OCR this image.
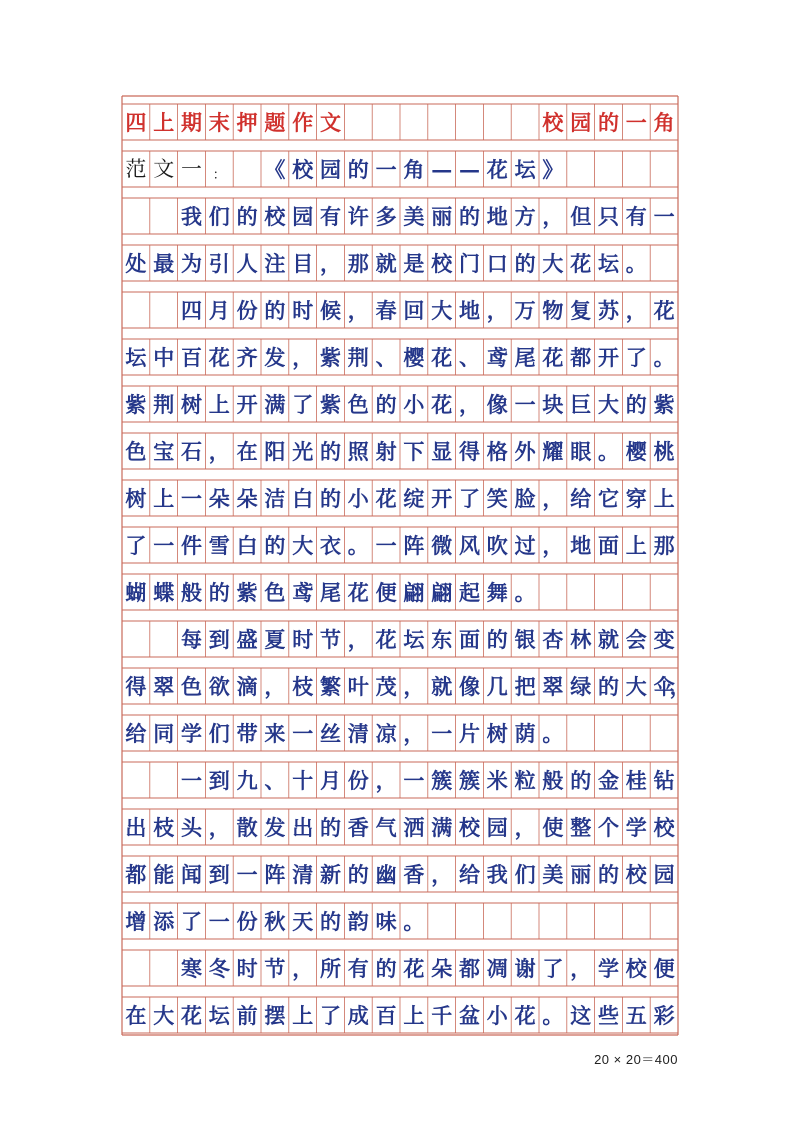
四 上 期 末 押 题 作 文	校 园 的 一 角
范 文 一 ： 《 校 园 的 一 角 — — 花 坛 》
我 们 的 校 园 有 许 多 美 丽 的 地 方 ， 但 只 有 一
处 最 为 引 人 注 目 ， 那 就 是 校 门 口 的 大 花 坛 。
四 月 份 的 时 候 ， 春 回 大 地 ， 万 物 复 苏 ， 花
坛 中 百 花 齐 发 ， 紫 荆 、 樱 花 、 鸢 尾 花 都 开 了 。
紫 荆 树 上 开 满 了 紫 色 的 小 花 ， 像 一 块 巨 大 的 紫
色 宝 石 ， 在 阳 光 的 照 射 下 显 得 格 外 耀 眼 。 樱 桃
树 上 一 朵 朵 洁 白 的 小 花 绽 开 了 笑 脸 ， 给 它 穿 上
了 一 件 雪 白 的 大 衣 。 一 阵 微 风 吹 过 ， 地 面 上 那
蝴 蝶 般 的 紫 色 鸢 尾 花 便 翩 翩 起 舞 。
每 到 盛 夏 时 节 ， 花 坛 东 面 的 银 杏 林 就 会 变
得 翠 色 欲 滴 ， 枝 繁 叶 茂 ， 就 像 几 把 翠 绿 的 大 伞
，
给 同 学 们 带 来 一 丝 清 凉 ， 一 片 树 荫 。
一 到 九 、 十 月 份 ， 一 簇 簇 米 粒 般 的 金 桂 钻
出 枝 头 ， 散 发 出 的 香 气 洒 满 校 园 ， 使 整 个 学 校
都 能 闻 到 一 阵 清 新 的 幽 香 ， 给 我 们 美 丽 的 校 园
增 添 了 一 份 秋 天 的 韵 味 。
寒 冬 时 节 ， 所 有 的 花 朵 都 凋 谢 了 ， 学 校 便
在 大 花 坛 前 摆 上 了 成 百 上 千 盆 小 花 。 这 些 五 彩
20 × 20＝400
